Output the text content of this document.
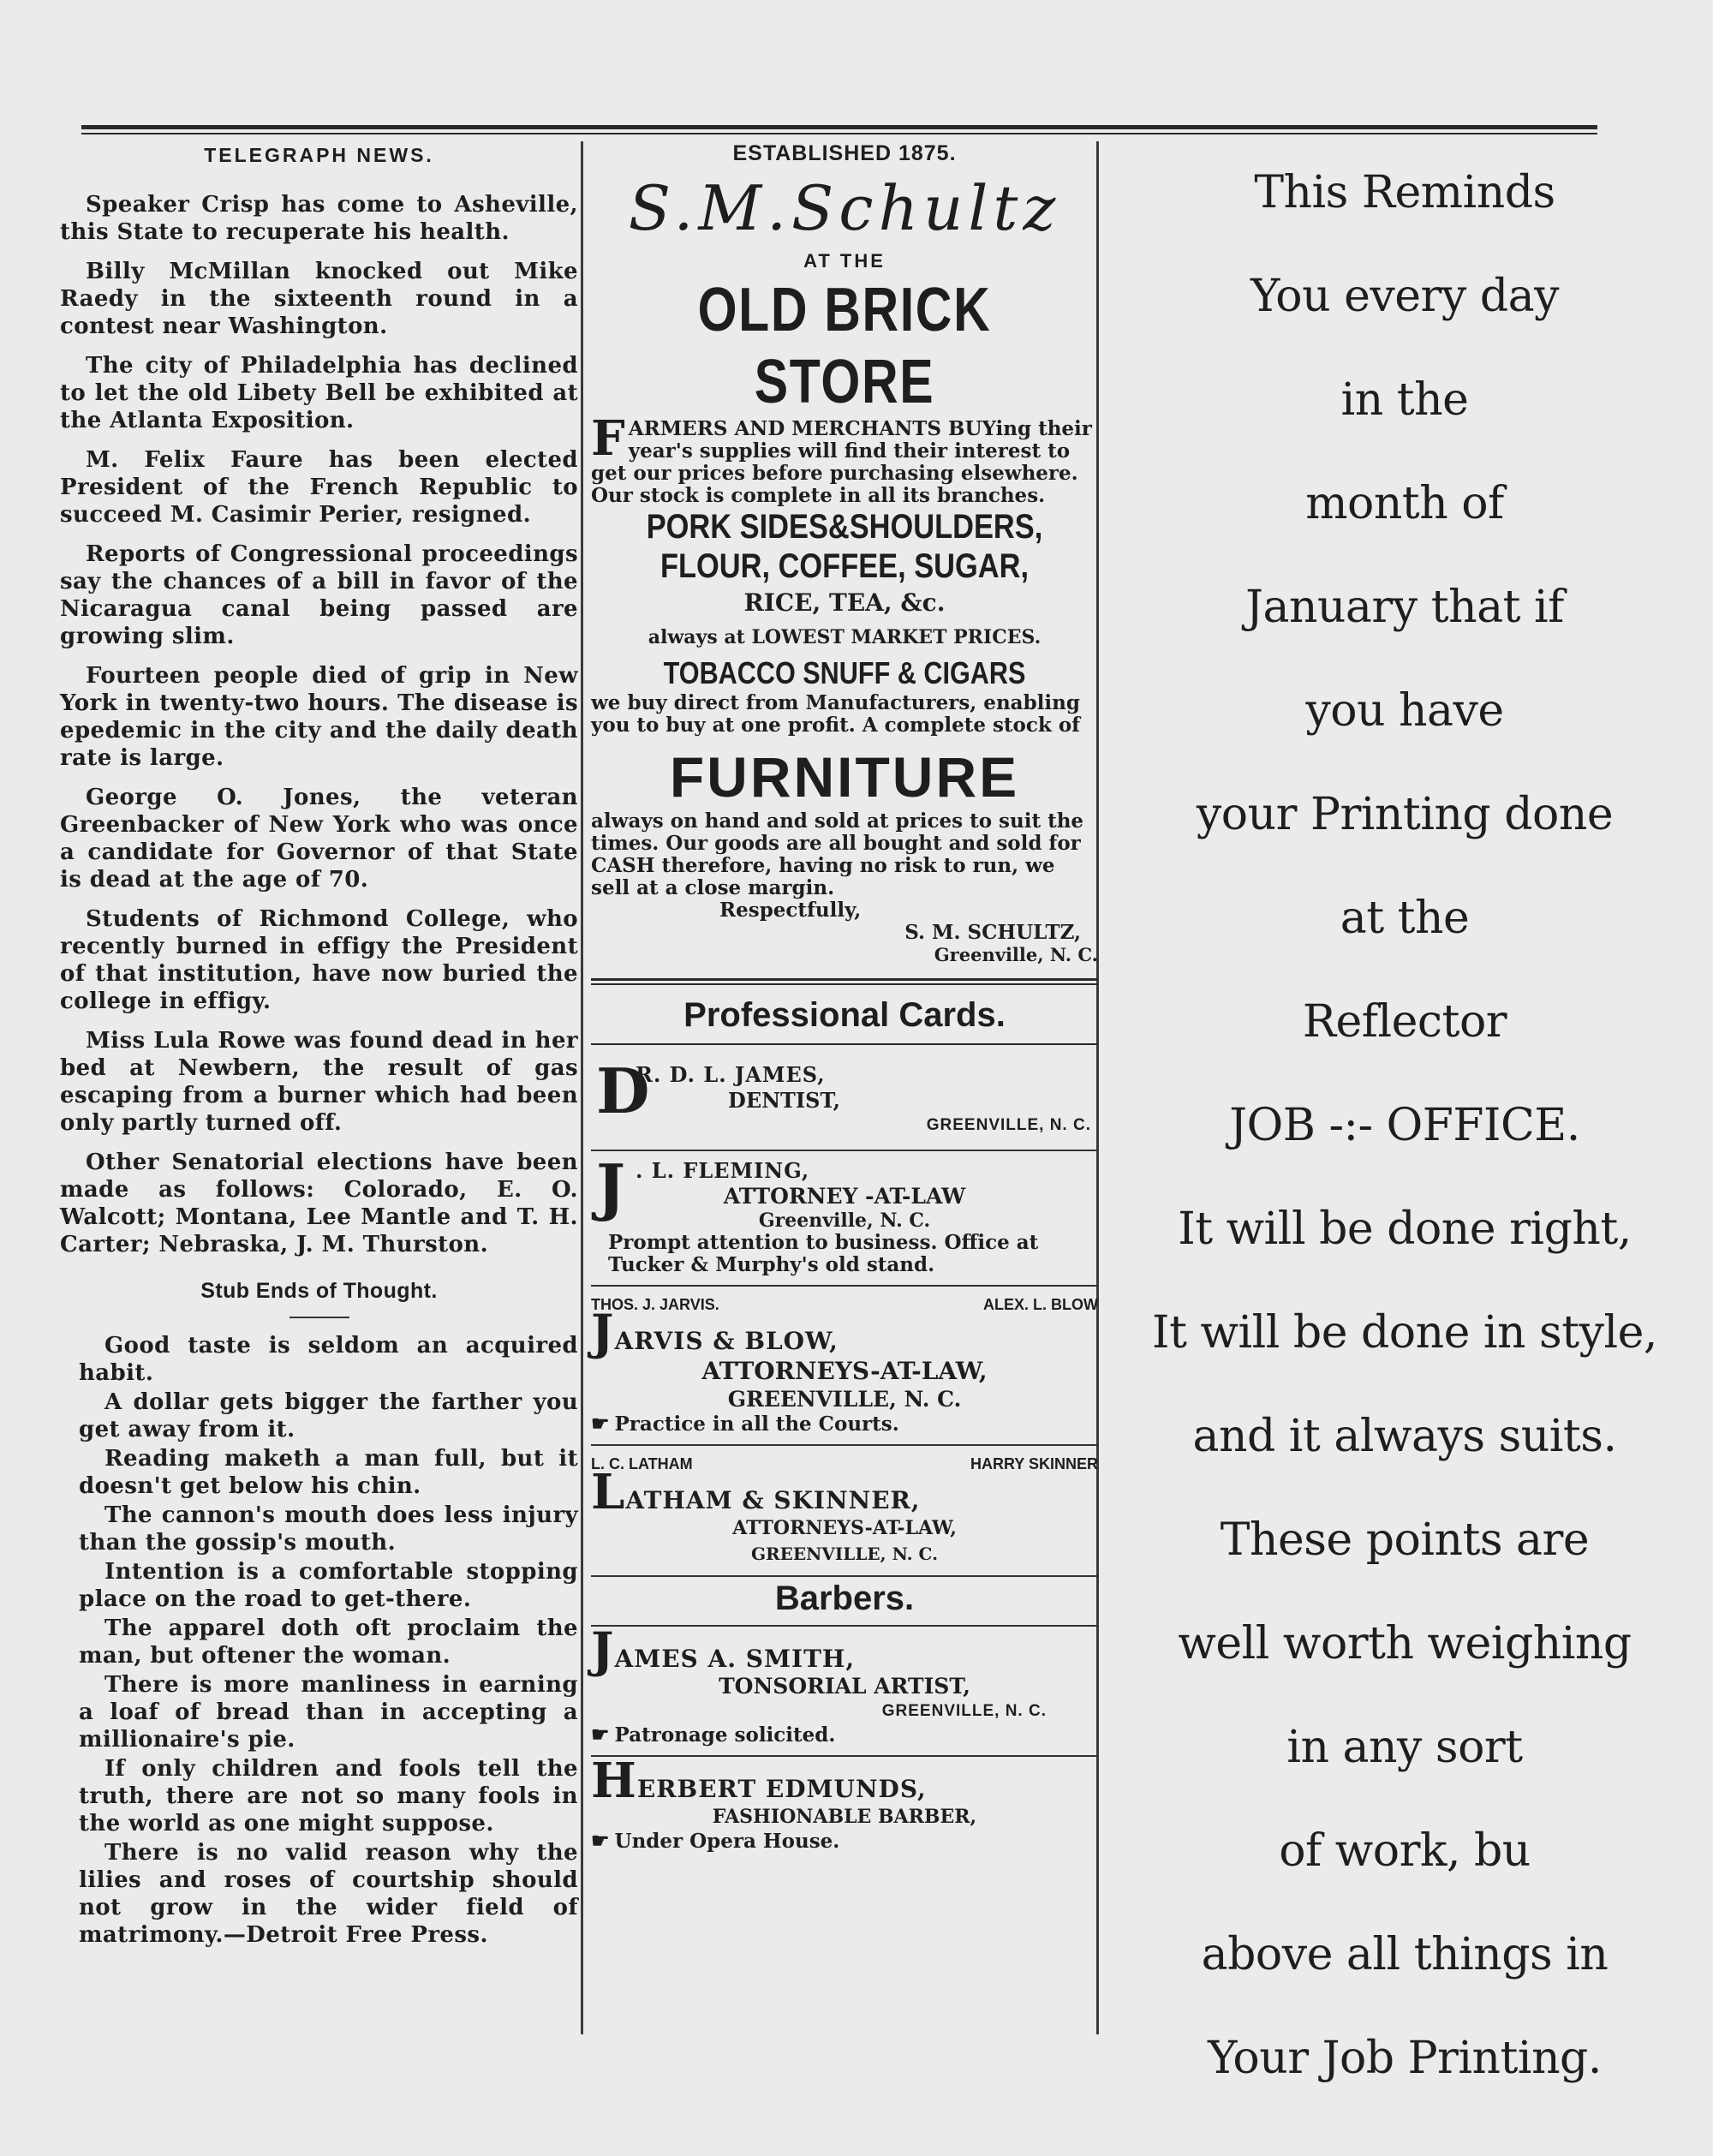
TELEGRAPH NEWS.

Speaker Crisp has come to Asheville, this State to recuperate his health.

Billy McMillan knocked out Mike Raedy in the sixteenth round in a contest near Washington.

The city of Philadelphia has declined to let the old Libety Bell be exhibited at the Atlanta Exposition.

M. Felix Faure has been elected President of the French Republic to succeed M. Casimir Perier, resigned.

Reports of Congressional proceedings say the chances of a bill in favor of the Nicaragua canal being passed are growing slim.

Fourteen people died of grip in New York in twenty-two hours. The disease is epedemic in the city and the daily death rate is large.

George O. Jones, the veteran Greenbacker of New York who was once a candidate for Governor of that State is dead at the age of 70.

Students of Richmond College, who recently burned in effigy the President of that institution, have now buried the college in effigy.

Miss Lula Rowe was found dead in her bed at Newbern, the result of gas escaping from a burner which had been only partly turned off.

Other Senatorial elections have been made as follows: Colorado, E. O. Walcott; Montana, Lee Mantle and T. H. Carter; Nebraska, J. M. Thurston.

Stub Ends of Thought.

Good taste is seldom an acquired habit.

A dollar gets bigger the farther you get away from it.

Reading maketh a man full, but it doesn't get below his chin.

The cannon's mouth does less injury than the gossip's mouth.

Intention is a comfortable stopping place on the road to get-there.

The apparel doth oft proclaim the man, but oftener the woman.

There is more manliness in earning a loaf of bread than in accepting a millionaire's pie.

If only children and fools tell the truth, there are not so many fools in the world as one might suppose.

There is no valid reason why the lilies and roses of courtship should not grow in the wider field of matrimony.—Detroit Free Press.

ESTABLISHED 1875.
S.M.Schultz
AT THE
OLD BRICK STORE
FARMERS AND MERCHANTS BUYing their year's supplies will find their interest to get our prices before purchasing elsewhere. Our stock is complete in all its branches.
PORK SIDES&SHOULDERS,
FLOUR, COFFEE, SUGAR,
RICE, TEA, &c.
always at LOWEST MARKET PRICES.
TOBACCO SNUFF & CIGARS
we buy direct from Manufacturers, enabling you to buy at one profit. A complete stock of
FURNITURE
always on hand and sold at prices to suit the times. Our goods are all bought and sold for CASH therefore, having no risk to run, we sell at a close margin.
Respectfully,
S. M. SCHULTZ,
Greenville, N. C.
Professional Cards.
D
R. D. L. JAMES,
DENTIST,
GREENVILLE, N. C.
J . L. FLEMING,
ATTORNEY -AT-LAW
Greenville, N. C.
Prompt attention to business. Office at Tucker & Murphy's old stand.
THOS. J. JARVIS.	ALEX. L. BLOW
JARVIS & BLOW,
ATTORNEYS-AT-LAW,
GREENVILLE, N. C.
☛ Practice in all the Courts.
L. C. LATHAM	HARRY SKINNER
LATHAM & SKINNER,
ATTORNEYS-AT-LAW,
GREENVILLE, N. C.
Barbers.
JAMES A. SMITH,
TONSORIAL ARTIST,
GREENVILLE, N. C.
☛ Patronage solicited.
HERBERT EDMUNDS,
FASHIONABLE BARBER,
☛ Under Opera House.
This Reminds
You every day
in the
month of
January that if
you have
your Printing done
at the
Reflector
JOB -:- OFFICE.
It will be done right,
It will be done in style,
and it always suits.
These points are
well worth weighing
in any sort
of work, bu
above all things in
Your Job Printing.
